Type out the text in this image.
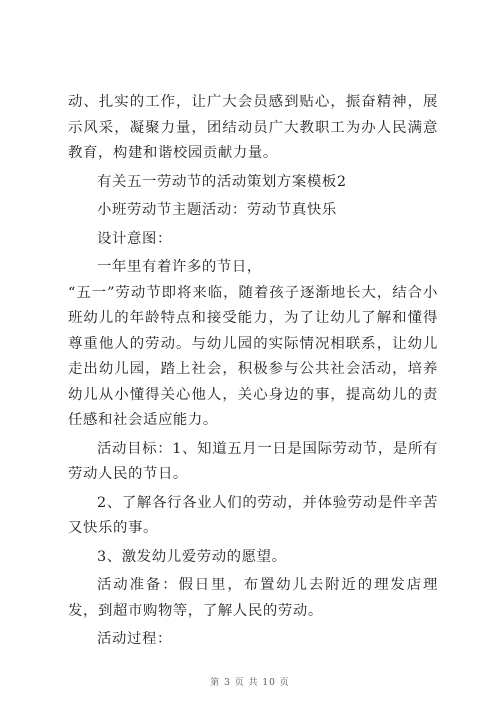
动、扎实的工作，让广大会员感到贴心，振奋精神，展示风采，凝聚力量，团结动员广大教职工为办人民满意教育，构建和谐校园贡献力量。

有关五一劳动节的活动策划方案模板2

小班劳动节主题活动：劳动节真快乐

设计意图：

一年里有着许多的节日，

“五一”劳动节即将来临，随着孩子逐渐地长大，结合小班幼儿的年龄特点和接受能力，为了让幼儿了解和懂得尊重他人的劳动。与幼儿园的实际情况相联系，让幼儿走出幼儿园，踏上社会，积极参与公共社会活动，培养幼儿从小懂得关心他人，关心身边的事，提高幼儿的责任感和社会适应能力。

活动目标：1、知道五月一日是国际劳动节，是所有劳动人民的节日。

2、了解各行各业人们的劳动，并体验劳动是件辛苦又快乐的事。

3、激发幼儿爱劳动的愿望。

活动准备：假日里，布置幼儿去附近的理发店理发，到超市购物等，了解人民的劳动。

活动过程：

第 3 页 共 10 页
